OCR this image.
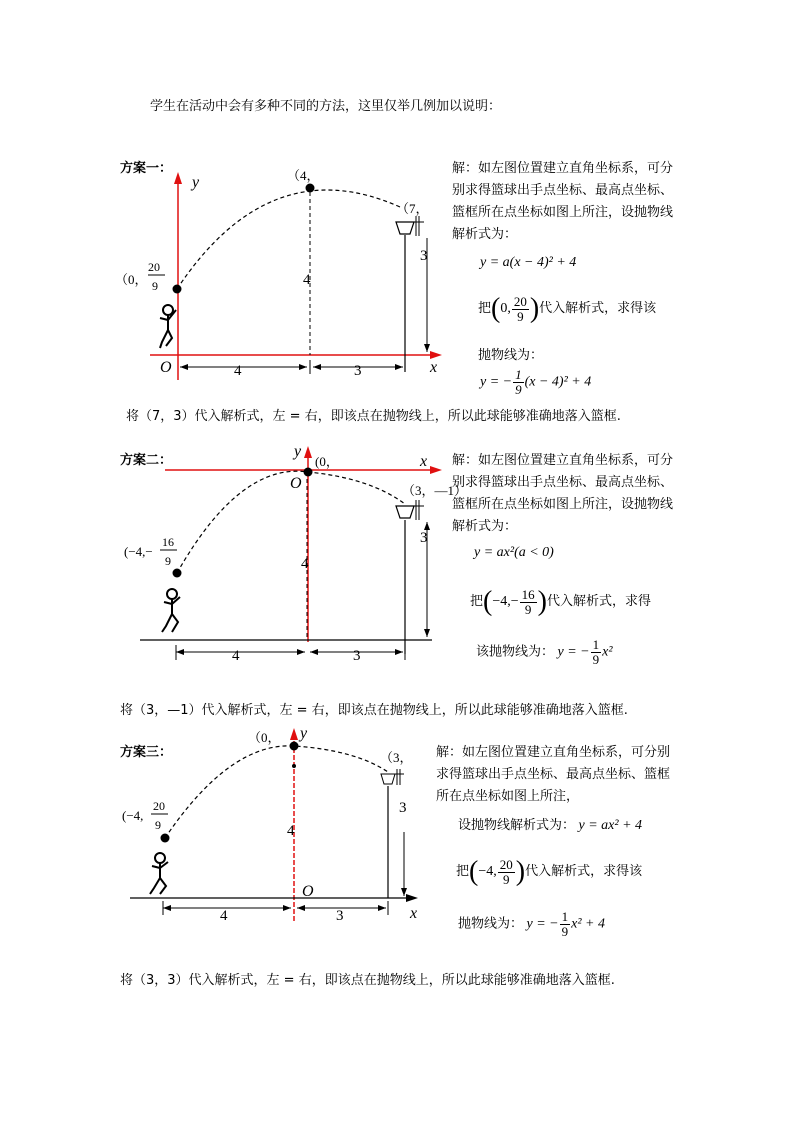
学生在活动中会有多种不同的方法，这里仅举几例加以说明：
方案一：
y
x
O	4	3
4
3
（4，
（7，
（0，
20
9
解：如左图位置建立直角坐标系，可分别求得篮球出手点坐标、最高点坐标、篮框所在点坐标如图上所注，设抛物线解析式为：
y = a(x − 4)² + 4
把(0, $\frac{20}{9}$ )代入解析式，求得该
抛物线为：
y = − $\frac{1}{9} (x - 4)^2 + 4$
将（7，3）代入解析式，左 = 右，即该点在抛物线上，所以此球能够准确地落入篮框.
方案二：
y
x
O
4	3
4
3
(0，
（3，—1）
(−4,−
16
9
解：如左图位置建立直角坐标系，可分别求得篮球出手点坐标、最高点坐标、篮框所在点坐标如图上所注，设抛物线解析式为：
y = ax²(a < 0)
把($-4,- \frac{16}{9}$ )代入解析式，求得
该抛物线为： y = − $\frac{1}{9} x^2$
将（3，—1）代入解析式，左 = 右，即该点在抛物线上，所以此球能够准确地落入篮框.
方案三：
y
x
O
4	3
4
3
（0，
（3，
(−4,
20
9
解：如左图位置建立直角坐标系，可分别求得篮球出手点坐标、最高点坐标、篮框所在点坐标如图上所注，
设抛物线解析式为： y = ax² + 4
把(−4, $\frac{20}{9}$ )代入解析式，求得该
抛物线为： y = − $\frac{1}{9} x^2 + 4$
将（3，3）代入解析式，左 = 右，即该点在抛物线上，所以此球能够准确地落入篮框.
